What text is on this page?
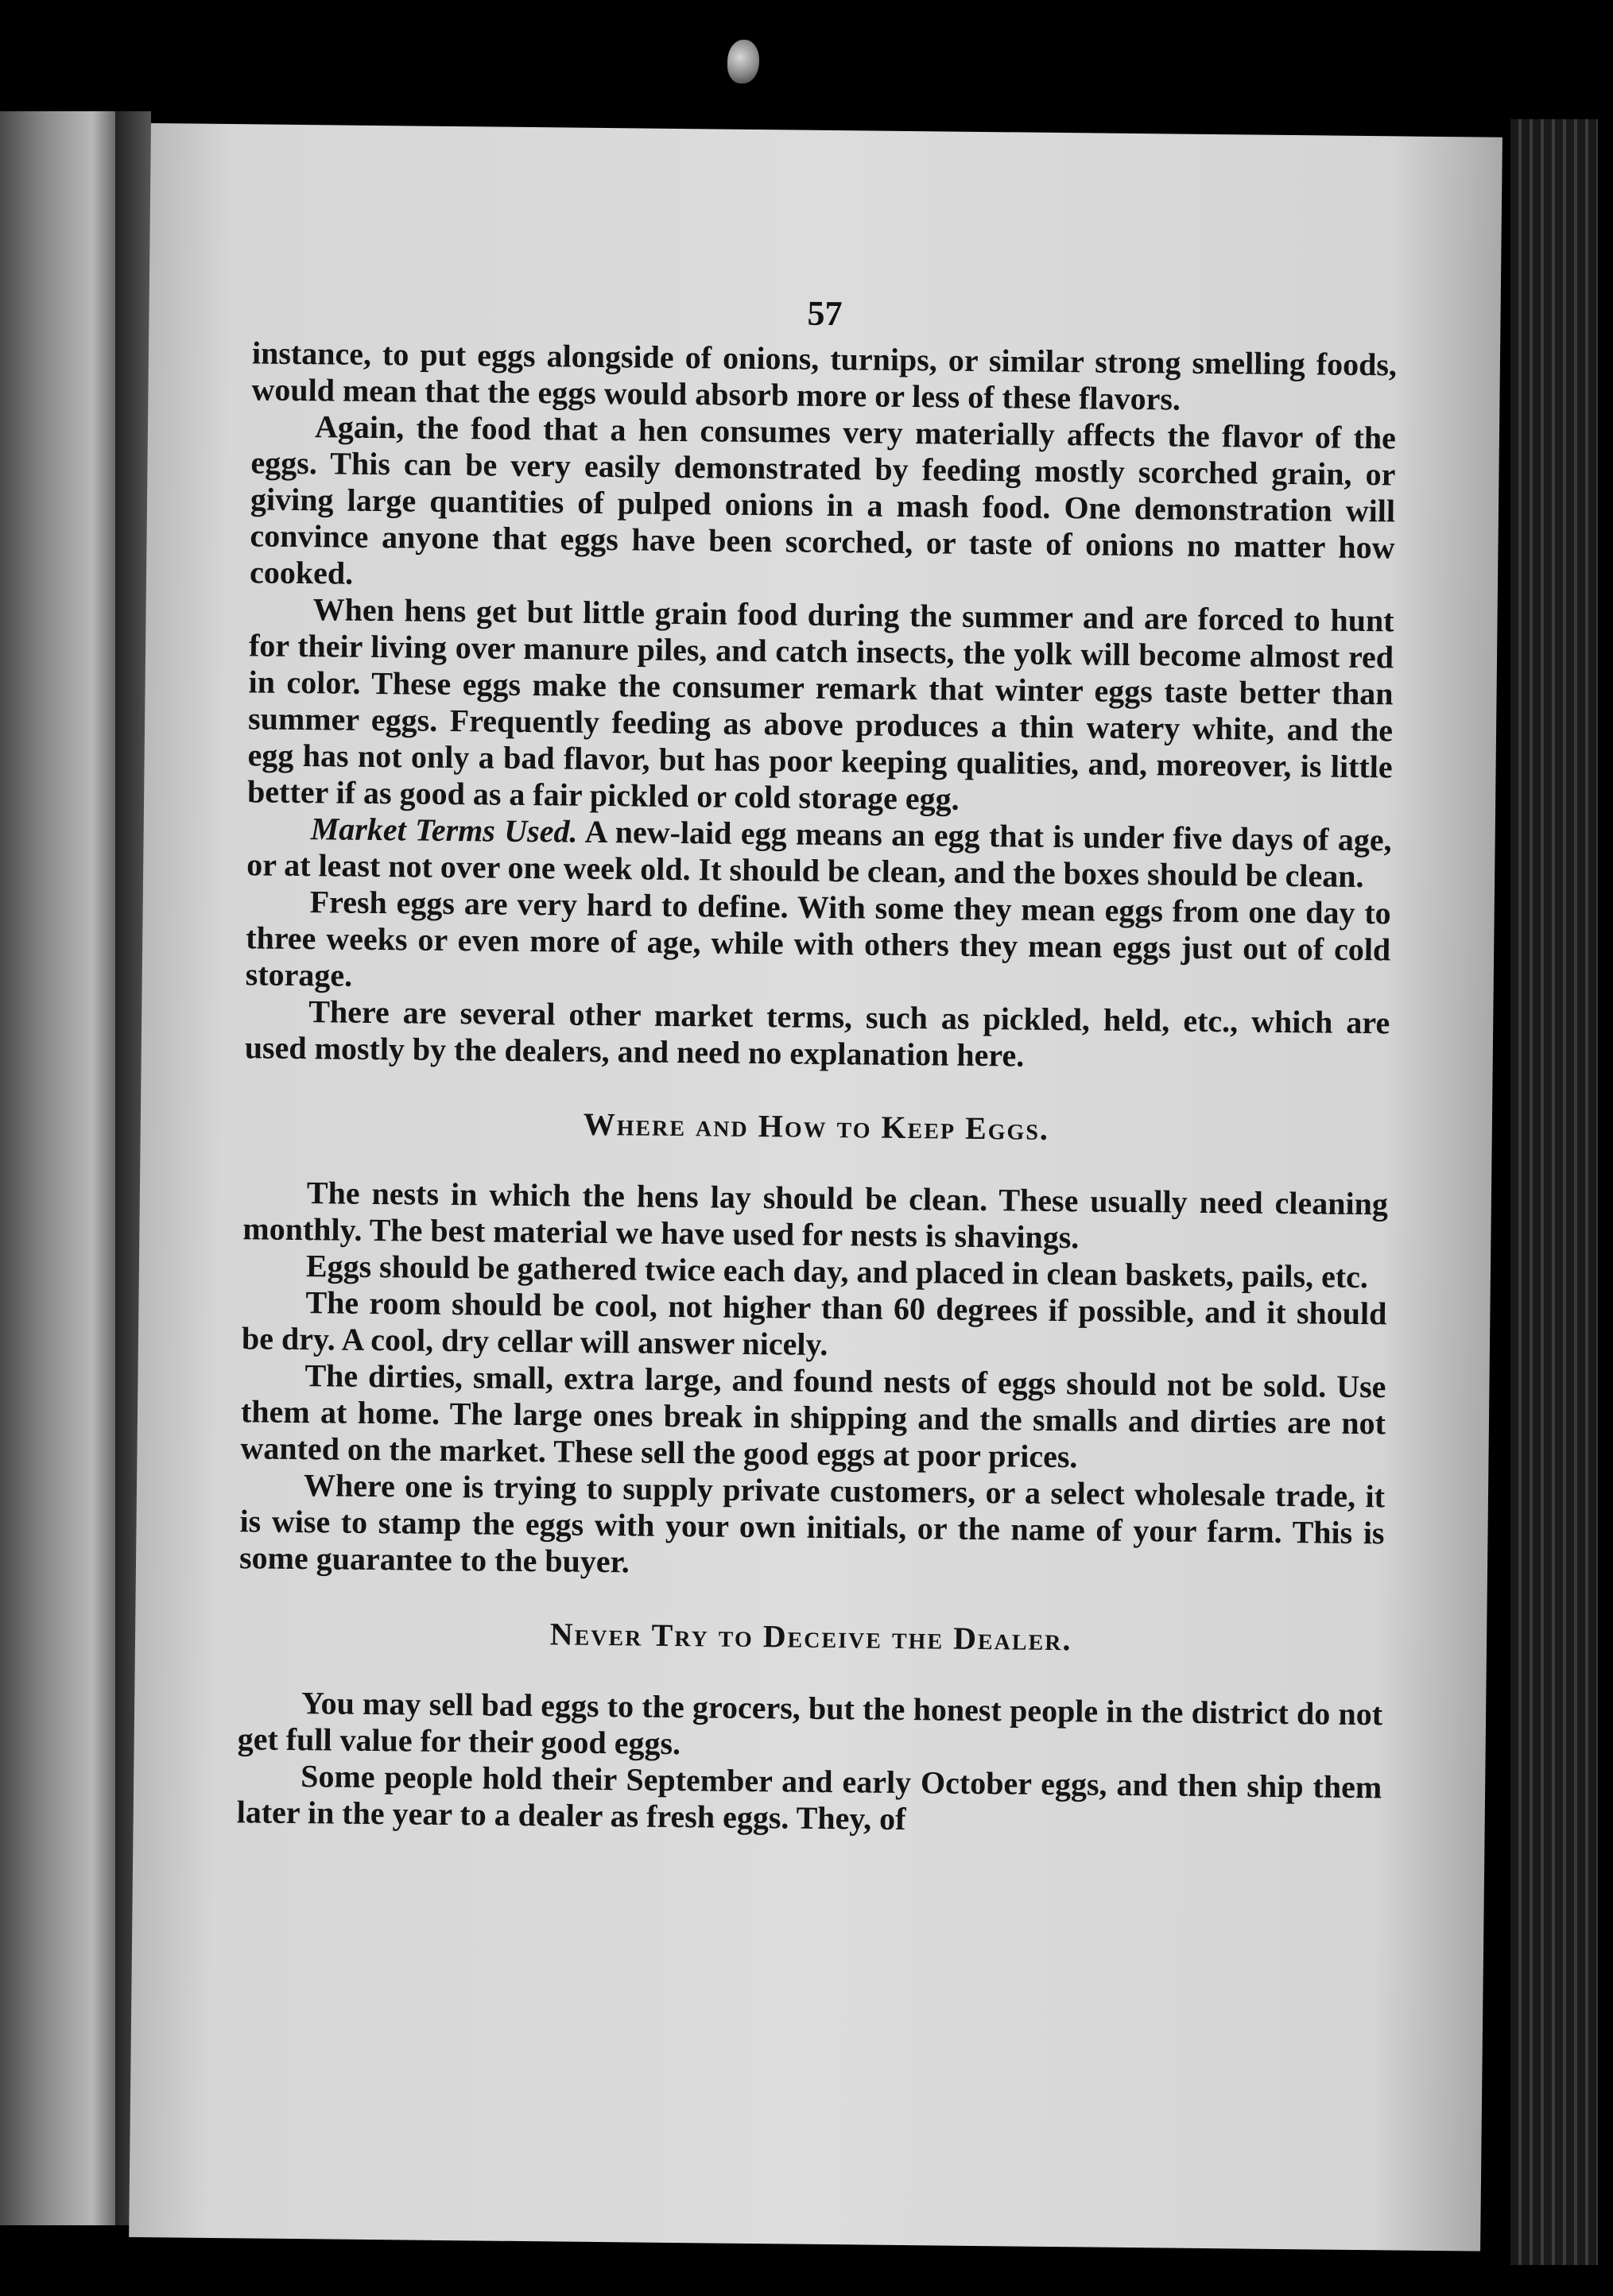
57

instance, to put eggs alongside of onions, turnips, or similar strong smelling foods, would mean that the eggs would absorb more or less of these flavors.

Again, the food that a hen consumes very materially affects the flavor of the eggs. This can be very easily demonstrated by feeding mostly scorched grain, or giving large quantities of pulped onions in a mash food. One demonstration will convince anyone that eggs have been scorched, or taste of onions no matter how cooked.

When hens get but little grain food during the summer and are forced to hunt for their living over manure piles, and catch insects, the yolk will become almost red in color. These eggs make the consumer remark that winter eggs taste better than summer eggs. Frequently feeding as above produces a thin watery white, and the egg has not only a bad flavor, but has poor keeping qualities, and, moreover, is little better if as good as a fair pickled or cold storage egg.

Market Terms Used. A new-laid egg means an egg that is under five days of age, or at least not over one week old. It should be clean, and the boxes should be clean.

Fresh eggs are very hard to define. With some they mean eggs from one day to three weeks or even more of age, while with others they mean eggs just out of cold storage.

There are several other market terms, such as pickled, held, etc., which are used mostly by the dealers, and need no explanation here.

Where and How to Keep Eggs.

The nests in which the hens lay should be clean. These usually need cleaning monthly. The best material we have used for nests is shavings.

Eggs should be gathered twice each day, and placed in clean baskets, pails, etc.

The room should be cool, not higher than 60 degrees if possible, and it should be dry. A cool, dry cellar will answer nicely.

The dirties, small, extra large, and found nests of eggs should not be sold. Use them at home. The large ones break in shipping and the smalls and dirties are not wanted on the market. These sell the good eggs at poor prices.

Where one is trying to supply private customers, or a select wholesale trade, it is wise to stamp the eggs with your own initials, or the name of your farm. This is some guarantee to the buyer.

Never Try to Deceive the Dealer.

You may sell bad eggs to the grocers, but the honest people in the district do not get full value for their good eggs.

Some people hold their September and early October eggs, and then ship them later in the year to a dealer as fresh eggs. They, of
